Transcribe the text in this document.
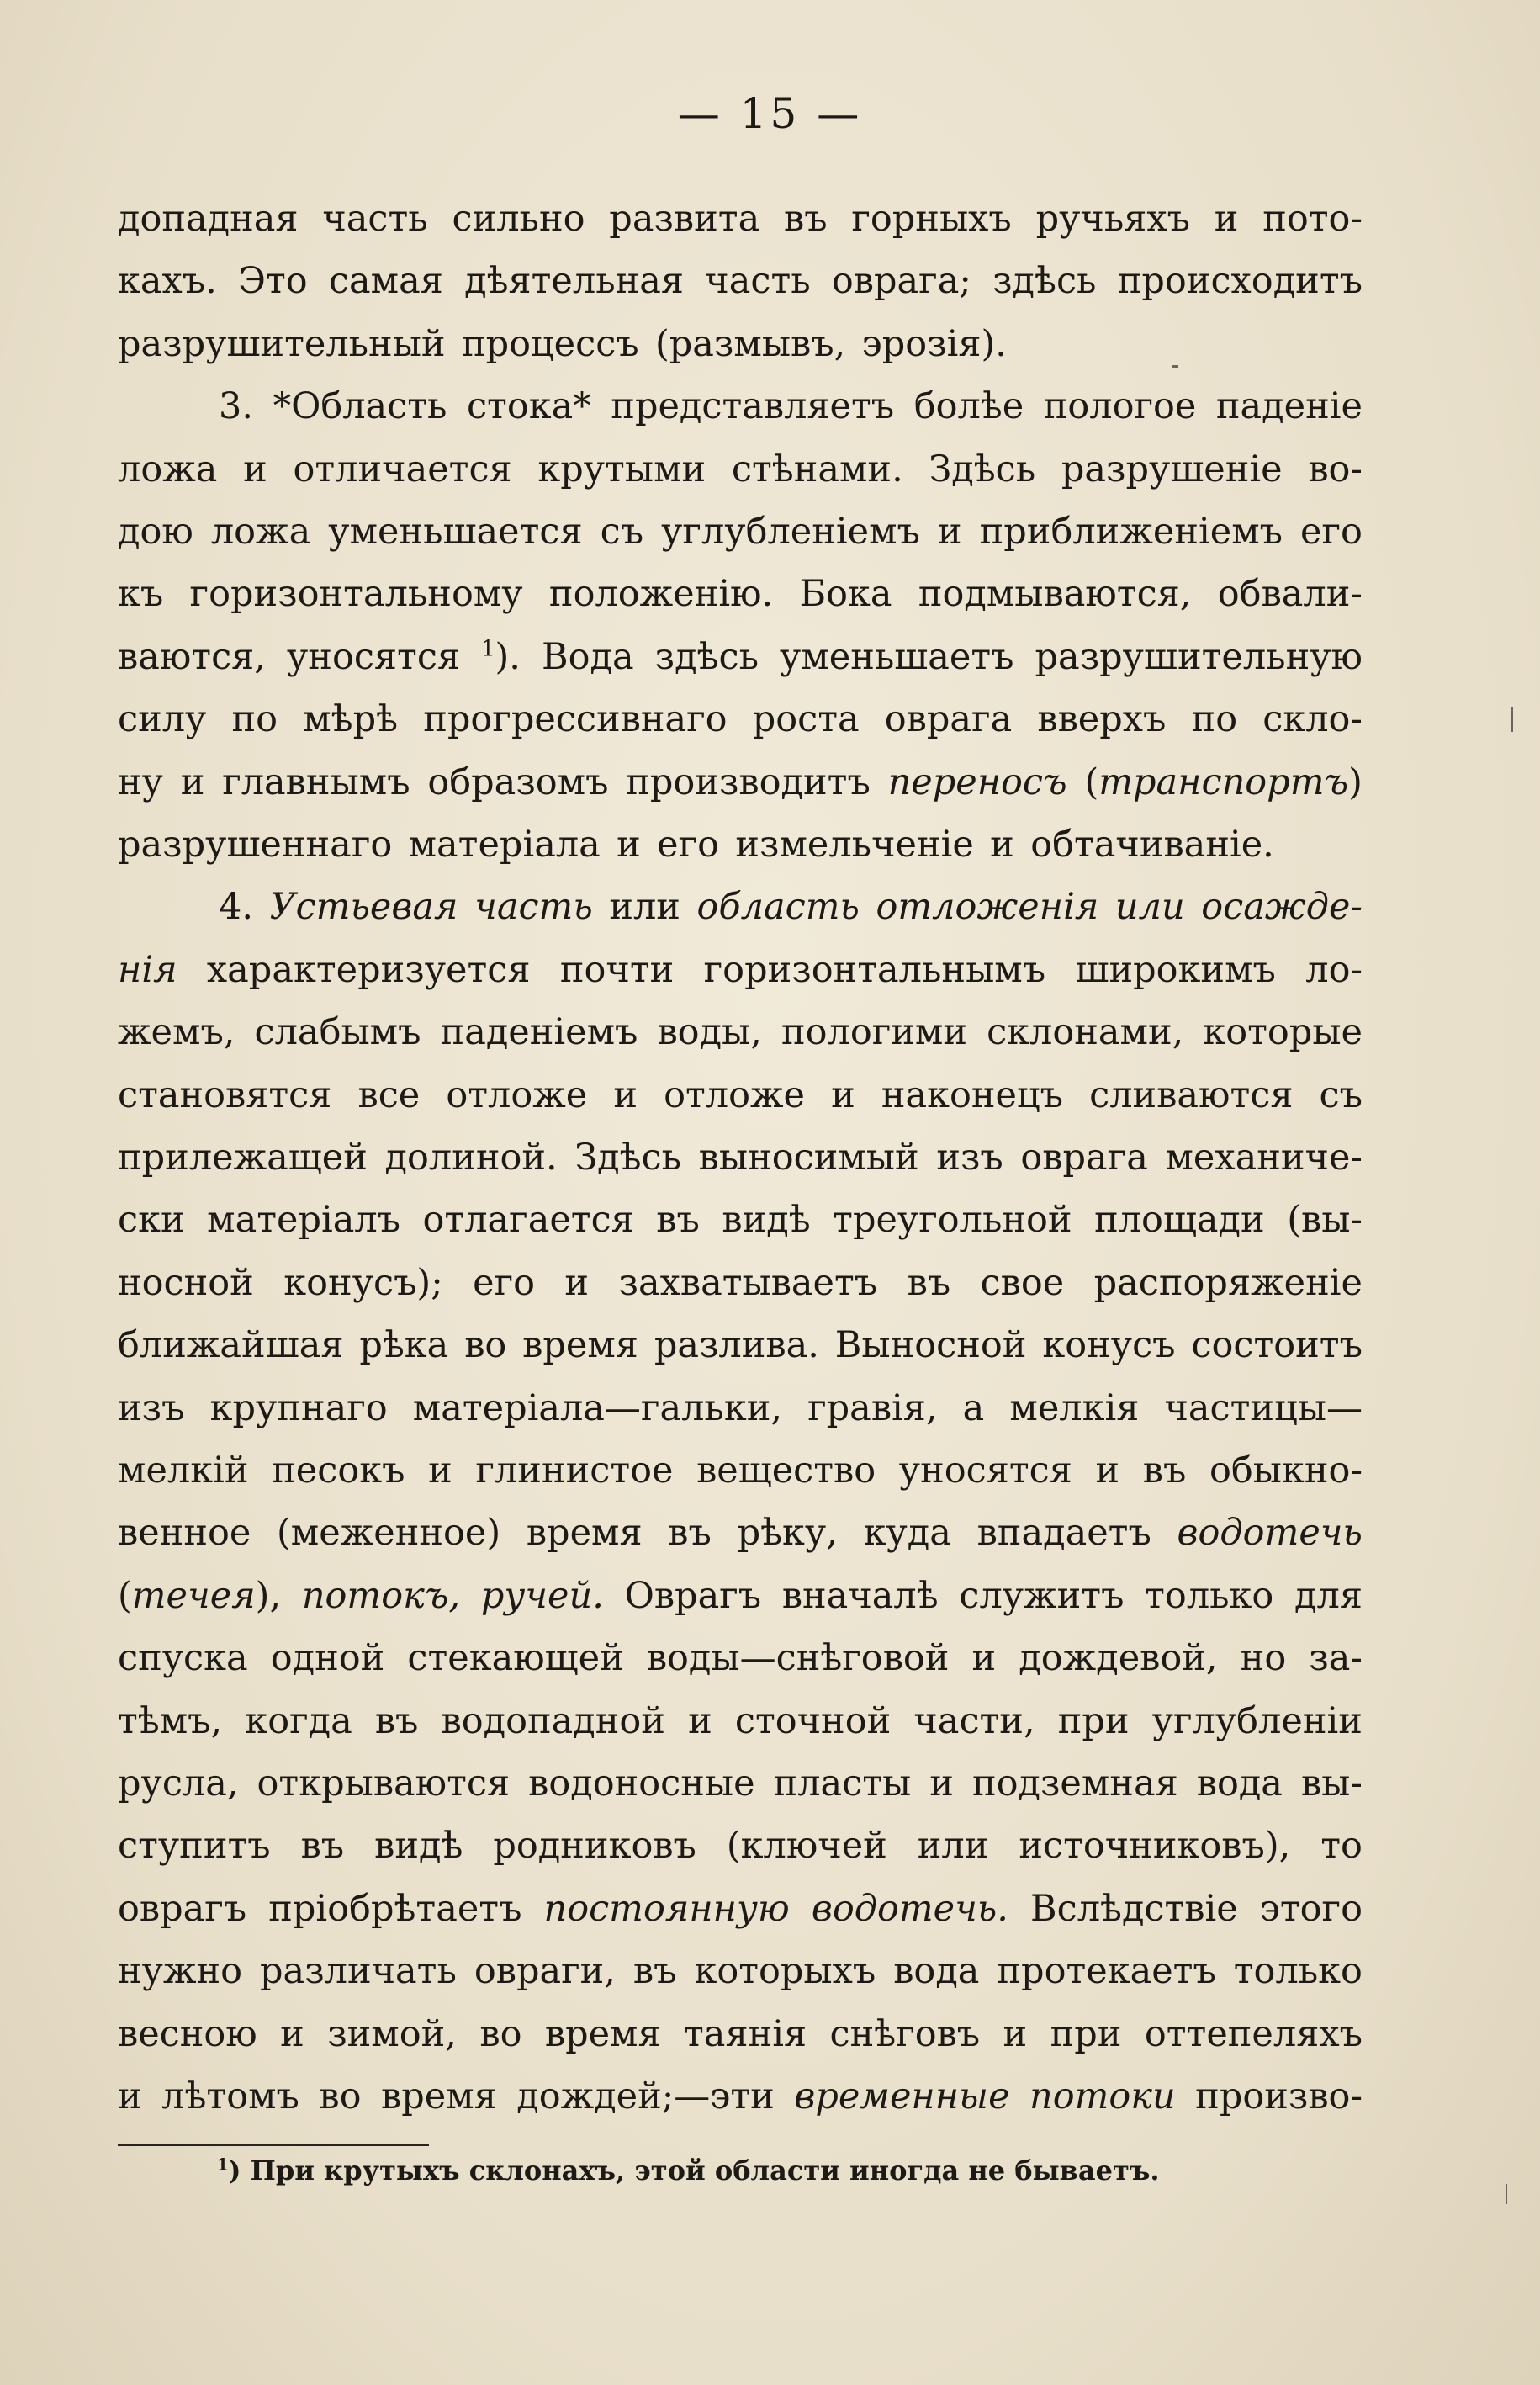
— 15 —
допадная часть сильно развита въ горныхъ ручьяхъ и пото-
кахъ. Это самая дѣятельная часть оврага; здѣсь происходитъ
разрушительный процессъ (размывъ, эрозія).
3. *Область стока* представляетъ болѣе пологое паденіе
ложа и отличается крутыми стѣнами. Здѣсь разрушеніе во-
дою ложа уменьшается съ углубленіемъ и приближеніемъ его
къ горизонтальному положенію. Бока подмываются, обвали-
ваются, уносятся $^1$). Вода здѣсь уменьшаетъ разрушительную
силу по мѣрѣ прогрессивнаго роста оврага вверхъ по скло-
ну и главнымъ образомъ производитъ переносъ (транспортъ)
разрушеннаго матеріала и его измельченіе и обтачиваніе.
4. Устьевая часть или область отложенія или осажде-
нія характеризуется почти горизонтальнымъ широкимъ ло-
жемъ, слабымъ паденіемъ воды, пологими склонами, которые
становятся все отложе и отложе и наконецъ сливаются съ
прилежащей долиной. Здѣсь выносимый изъ оврага механиче-
ски матеріалъ отлагается въ видѣ треугольной площади (вы-
носной конусъ); его и захватываетъ въ свое распоряженіе
ближайшая рѣка во время разлива. Выносной конусъ состоитъ
изъ крупнаго матеріала—гальки, гравія, а мелкія частицы—
мелкій песокъ и глинистое вещество уносятся и въ обыкно-
венное (меженное) время въ рѣку, куда впадаетъ водотечь
(течея), потокъ, ручей. Оврагъ вначалѣ служитъ только для
спуска одной стекающей воды—снѣговой и дождевой, но за-
тѣмъ, когда въ водопадной и сточной части, при углубленіи
русла, открываются водоносные пласты и подземная вода вы-
ступитъ въ видѣ родниковъ (ключей или источниковъ), то
оврагъ пріобрѣтаетъ постоянную водотечь. Вслѣдствіе этого
нужно различать овраги, въ которыхъ вода протекаетъ только
весною и зимой, во время таянія снѣговъ и при оттепеляхъ
и лѣтомъ во время дождей;—эти временные потоки произво-
$^1$) При крутыхъ склонахъ, этой области иногда не бываетъ.
